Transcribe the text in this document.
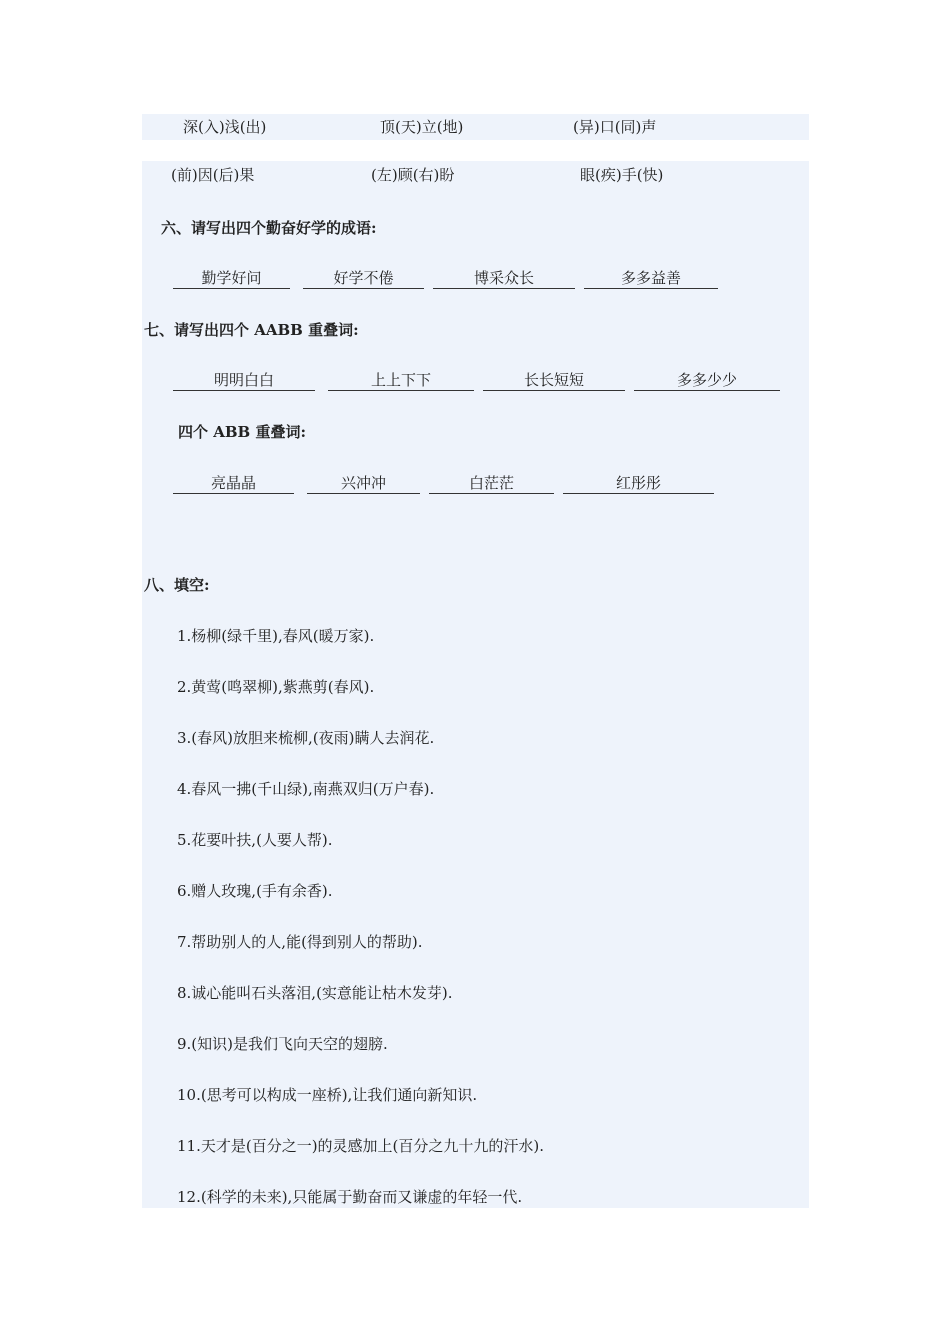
深(入)浅(出)	顶(天)立(地)	(异)口(同)声
(前)因(后)果	(左)顾(右)盼	眼(疾)手(快)
六、请写出四个勤奋好学的成语:
勤学好问	好学不倦	博采众长	多多益善
七、请写出四个 AABB 重叠词:
明明白白	上上下下	长长短短	多多少少
四个 ABB 重叠词:
亮晶晶	兴冲冲	白茫茫	红彤彤
八、填空:
1.杨柳(绿千里),春风(暖万家).
2.黄莺(鸣翠柳),紫燕剪(春风).
3.(春风)放胆来梳柳,(夜雨)瞒人去润花.
4.春风一拂(千山绿),南燕双归(万户春).
5.花要叶扶,(人要人帮).
6.赠人玫瑰,(手有余香).
7.帮助别人的人,能(得到别人的帮助).
8.诚心能叫石头落泪,(实意能让枯木发芽).
9.(知识)是我们飞向天空的翅膀.
10.(思考可以构成一座桥),让我们通向新知识.
11.天才是(百分之一)的灵感加上(百分之九十九的汗水).
12.(科学的未来),只能属于勤奋而又谦虚的年轻一代.
